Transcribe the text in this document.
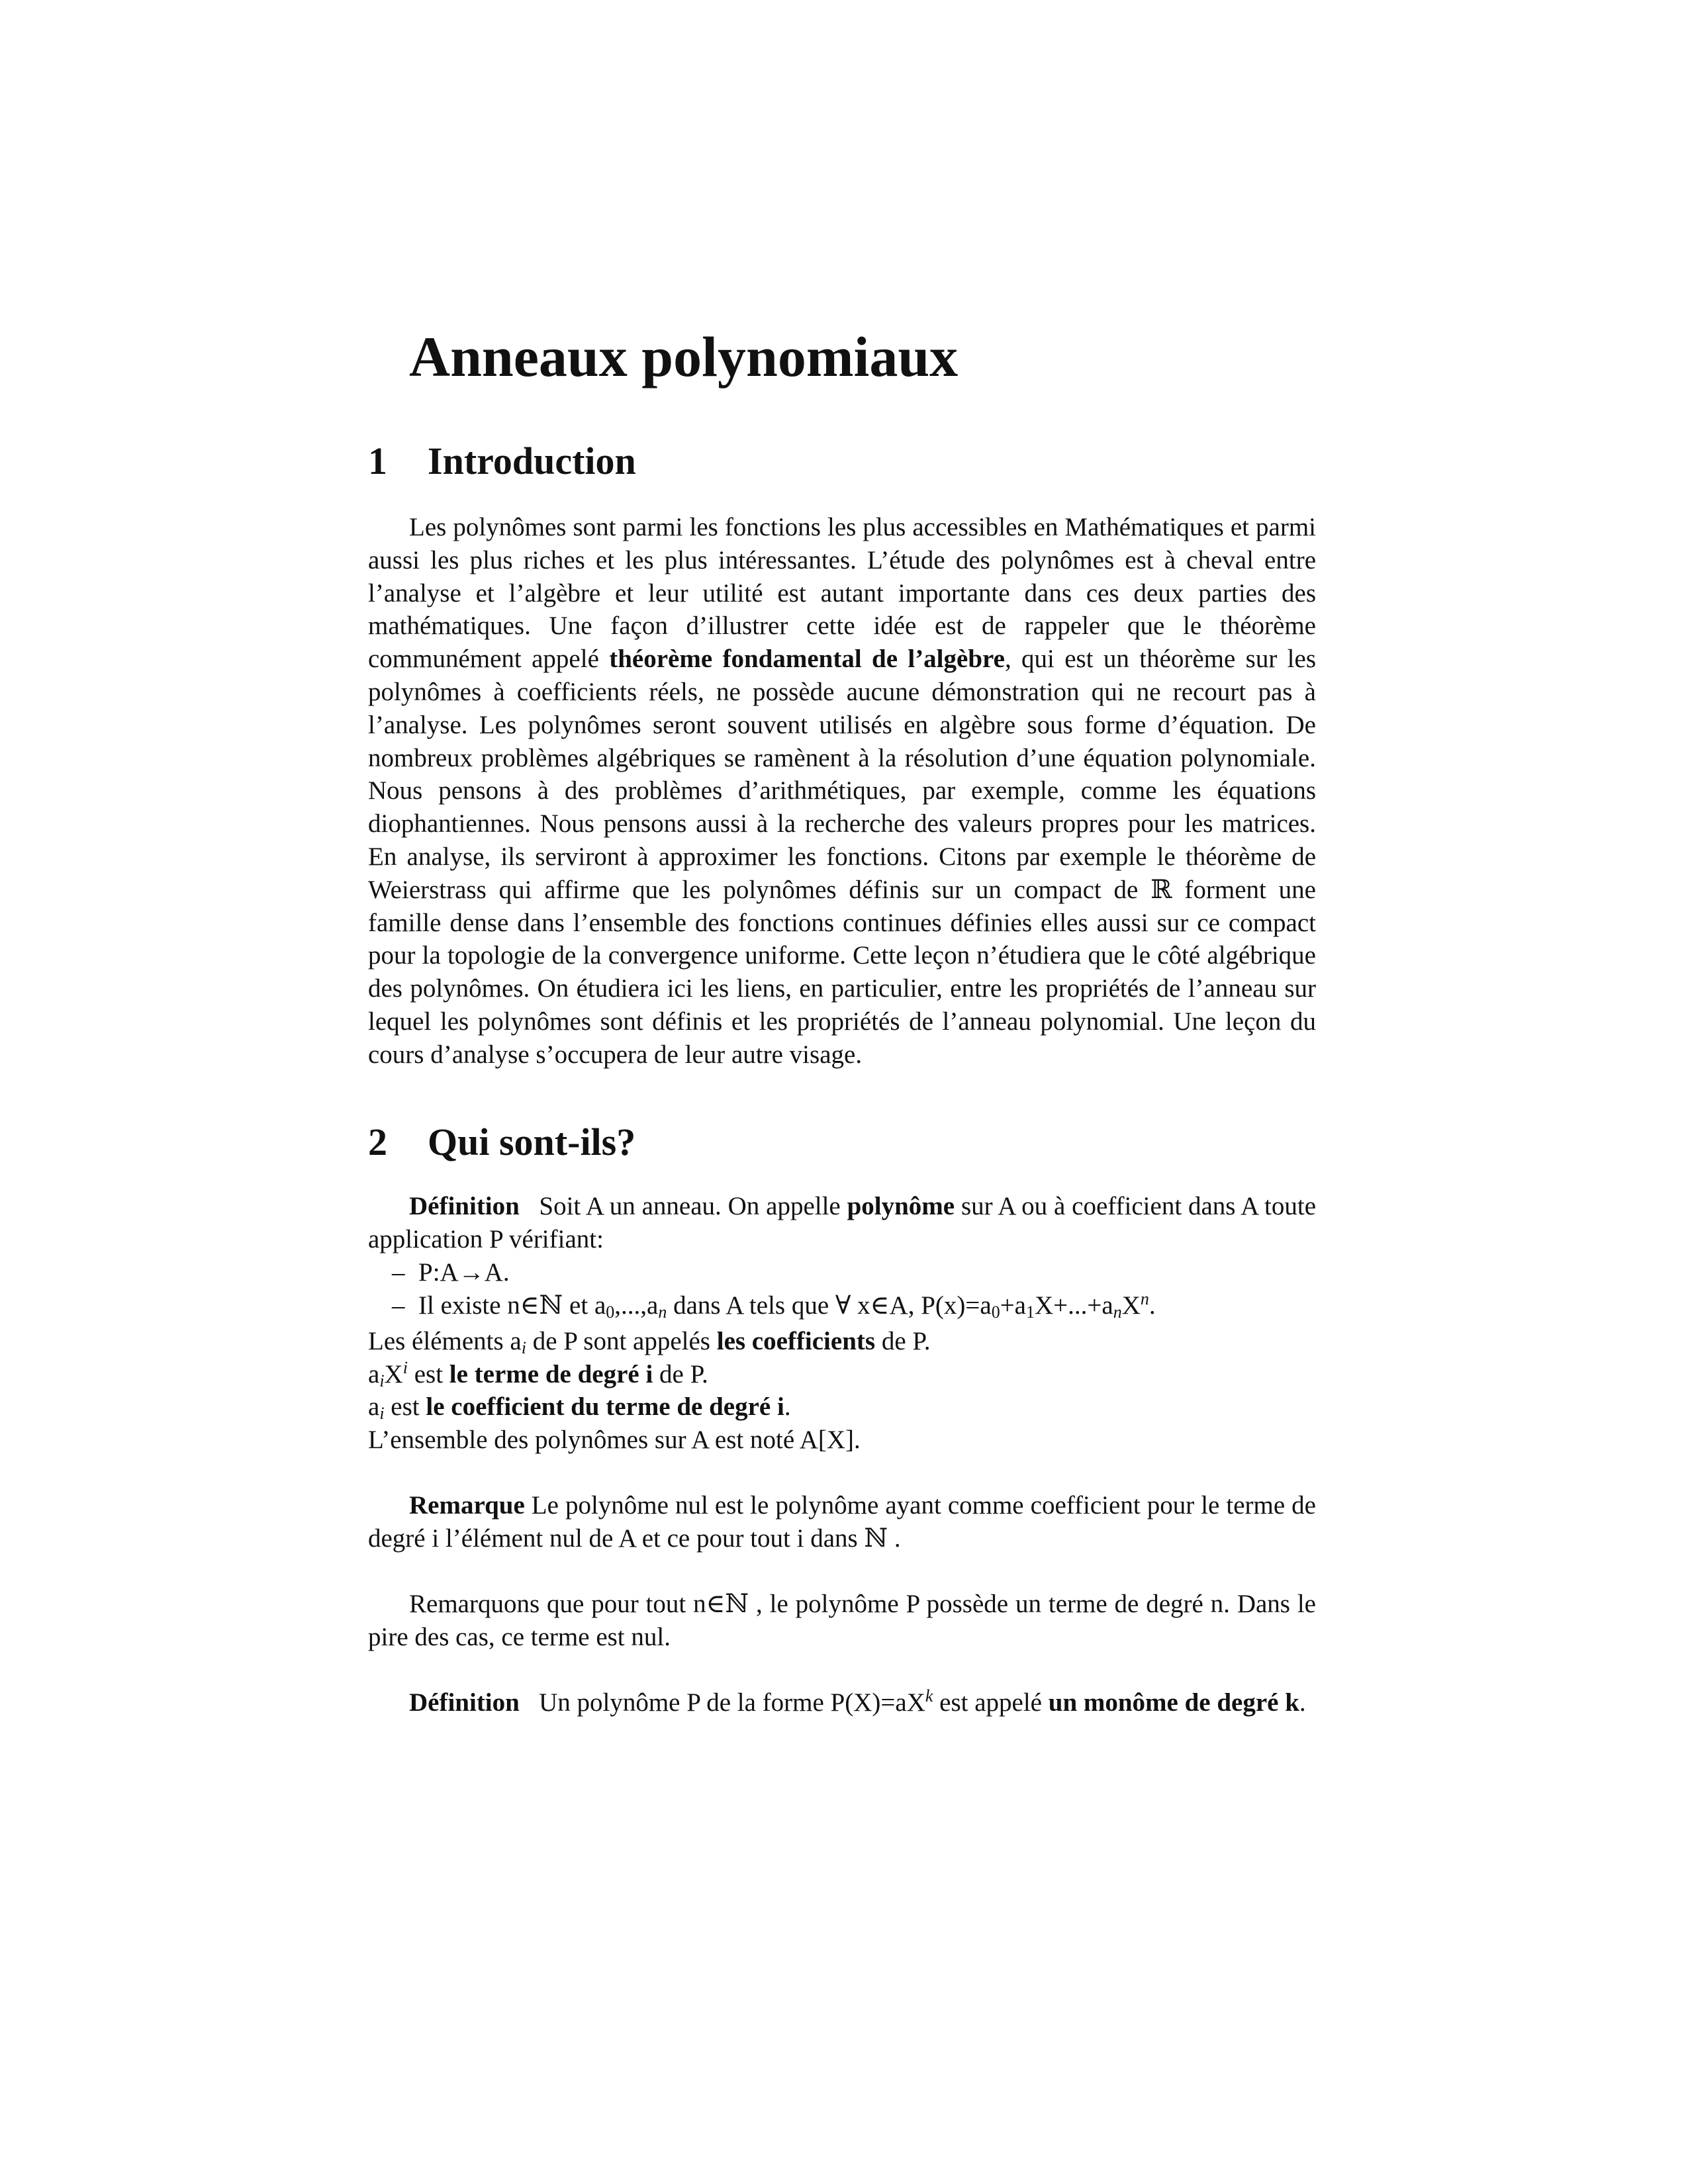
Anneaux polynomiaux
1 Introduction

Les polynômes sont parmi les fonctions les plus accessibles en Mathématiques et parmi aussi les plus riches et les plus intéressantes. L’étude des polynômes est à cheval entre l’analyse et l’algèbre et leur utilité est autant importante dans ces deux parties des mathématiques. Une façon d’illustrer cette idée est de rappeler que le théorème communément appelé théorème fondamental de l’algèbre, qui est un théorème sur les polynômes à coefficients réels, ne possède aucune démonstration qui ne recourt pas à l’analyse. Les polynômes seront souvent utilisés en algèbre sous forme d’équation. De nombreux problèmes algébriques se ramènent à la résolution d’une équation polynomiale. Nous pensons à des problèmes d’arithmétiques, par exemple, comme les équations diophantiennes. Nous pensons aussi à la recherche des valeurs propres pour les matrices. En analyse, ils serviront à approximer les fonctions. Citons par exemple le théorème de Weierstrass qui affirme que les polynômes définis sur un compact de ℝ forment une famille dense dans l’ensemble des fonctions continues définies elles aussi sur ce compact pour la topologie de la convergence uniforme. Cette leçon n’étudiera que le côté algébrique des polynômes. On étudiera ici les liens, en particulier, entre les propriétés de l’anneau sur lequel les polynômes sont définis et les propriétés de l’anneau polynomial. Une leçon du cours d’analyse s’occupera de leur autre visage.

2 Qui sont-ils?

Définition Soit A un anneau. On appelle polynôme sur A ou à coefficient dans A toute application P vérifiant:

– P:A→A.
– Il existe n∈ℕ et $a_0,...,a_n$ dans A tels que ∀ x∈A, $P(x)=a_0+a_1X+...+a_nX^n$.

Les éléments $a_i$ de P sont appelés les coefficients de P.

$a_iX^i$ est le terme de degré i de P.

$a_i$ est le coefficient du terme de degré i.

L’ensemble des polynômes sur A est noté A[X].

Remarque Le polynôme nul est le polynôme ayant comme coefficient pour le terme de degré i l’élément nul de A et ce pour tout i dans ℕ .

Remarquons que pour tout n∈ℕ , le polynôme P possède un terme de degré n. Dans le pire des cas, ce terme est nul.

Définition Un polynôme P de la forme $P(X)=aX^k$ est appelé un monôme de degré k.
